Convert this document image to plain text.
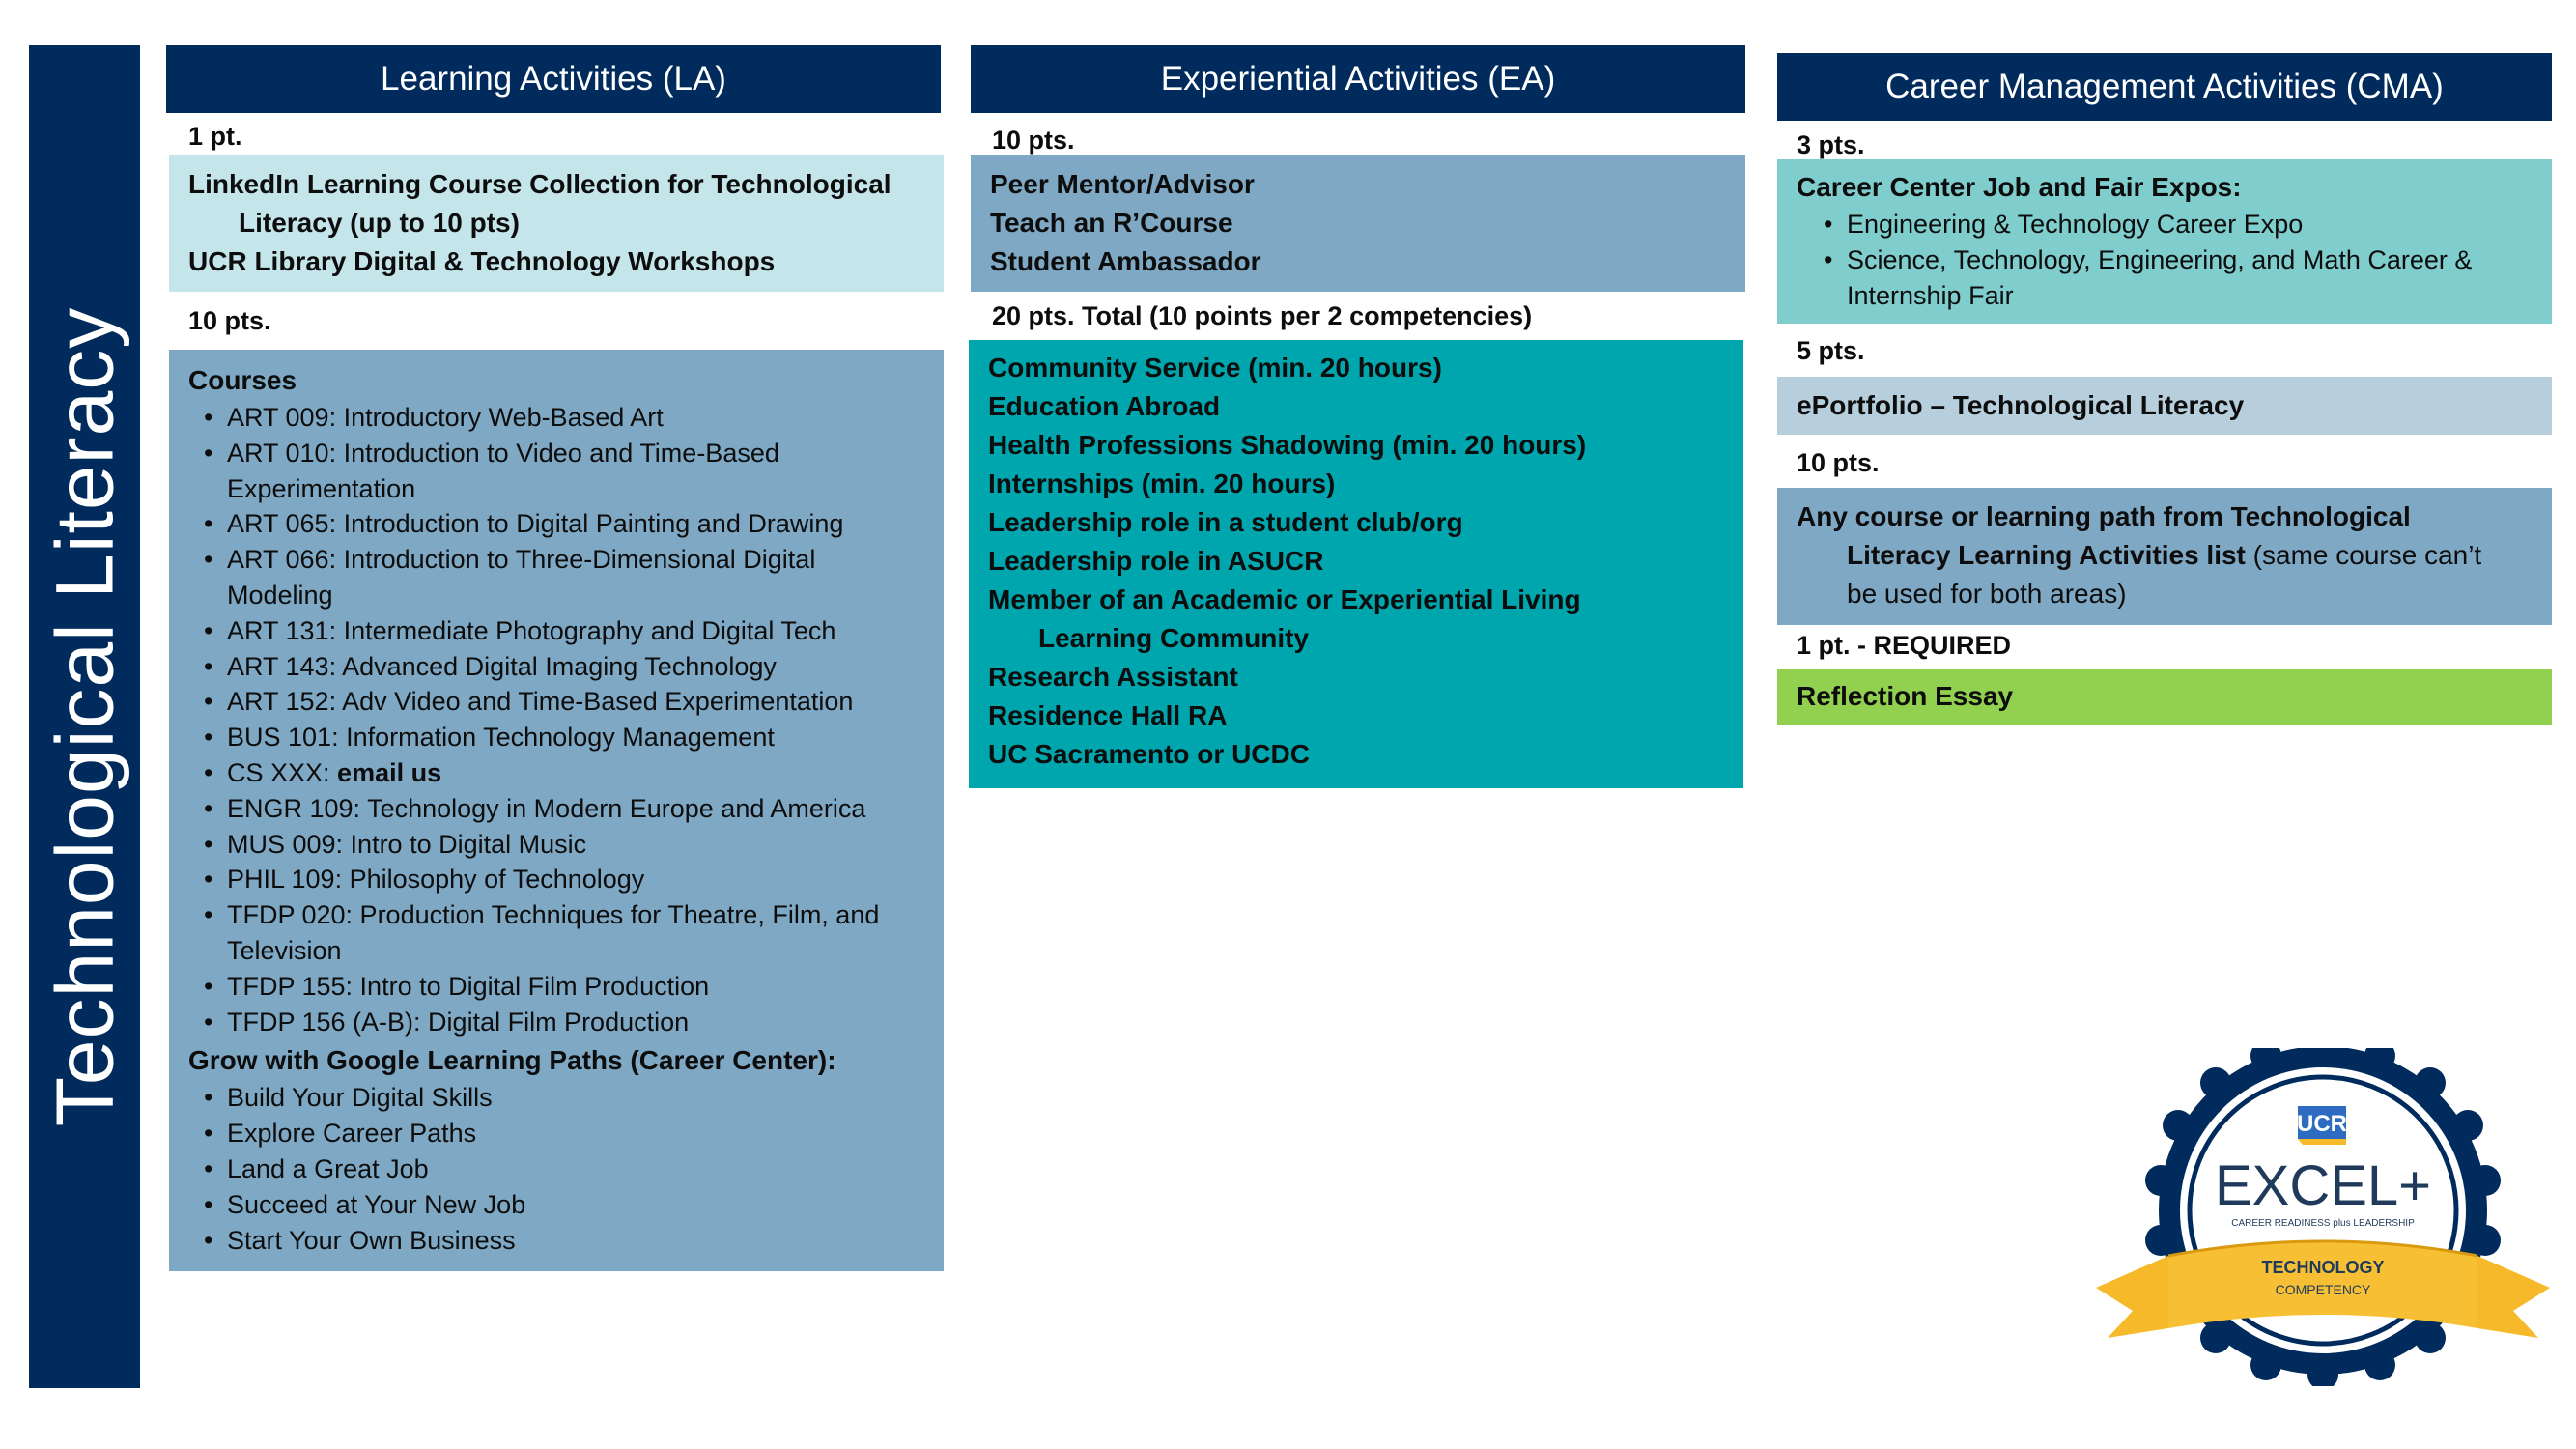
Technological Literacy
Learning Activities (LA)
1 pt.
LinkedIn Learning Course Collection for Technological
Literacy (up to 10 pts)
UCR Library Digital & Technology Workshops
10 pts.
Courses
• ART 009: Introductory Web-Based Art
• ART 010: Introduction to Video and Time-Based
Experimentation
• ART 065: Introduction to Digital Painting and Drawing
• ART 066: Introduction to Three-Dimensional Digital
Modeling
• ART 131: Intermediate Photography and Digital Tech
• ART 143: Advanced Digital Imaging Technology
• ART 152: Adv Video and Time-Based Experimentation
• BUS 101: Information Technology Management
• CS XXX: email us
• ENGR 109: Technology in Modern Europe and America
• MUS 009: Intro to Digital Music
• PHIL 109: Philosophy of Technology
• TFDP 020: Production Techniques for Theatre, Film, and
Television
• TFDP 155: Intro to Digital Film Production
• TFDP 156 (A-B): Digital Film Production
Grow with Google Learning Paths (Career Center):
• Build Your Digital Skills
• Explore Career Paths
• Land a Great Job
• Succeed at Your New Job
• Start Your Own Business
Experiential Activities (EA)
10 pts.
Peer Mentor/Advisor
Teach an R’Course
Student Ambassador
20 pts. Total (10 points per 2 competencies)
Community Service (min. 20 hours)
Education Abroad
Health Professions Shadowing (min. 20 hours)
Internships (min. 20 hours)
Leadership role in a student club/org
Leadership role in ASUCR
Member of an Academic or Experiential Living
Learning Community
Research Assistant
Residence Hall RA
UC Sacramento or UCDC
Career Management Activities (CMA)
3 pts.
Career Center Job and Fair Expos:
• Engineering & Technology Career Expo
• Science, Technology, Engineering, and Math Career &
Internship Fair
5 pts.
ePortfolio – Technological Literacy
10 pts.
Any course or learning path from Technological
Literacy Learning Activities list (same course can’t
be used for both areas)
1 pt. - REQUIRED
Reflection Essay
UCR
EXCEL+
CAREER READINESS plus LEADERSHIP
TECHNOLOGY
COMPETENCY
